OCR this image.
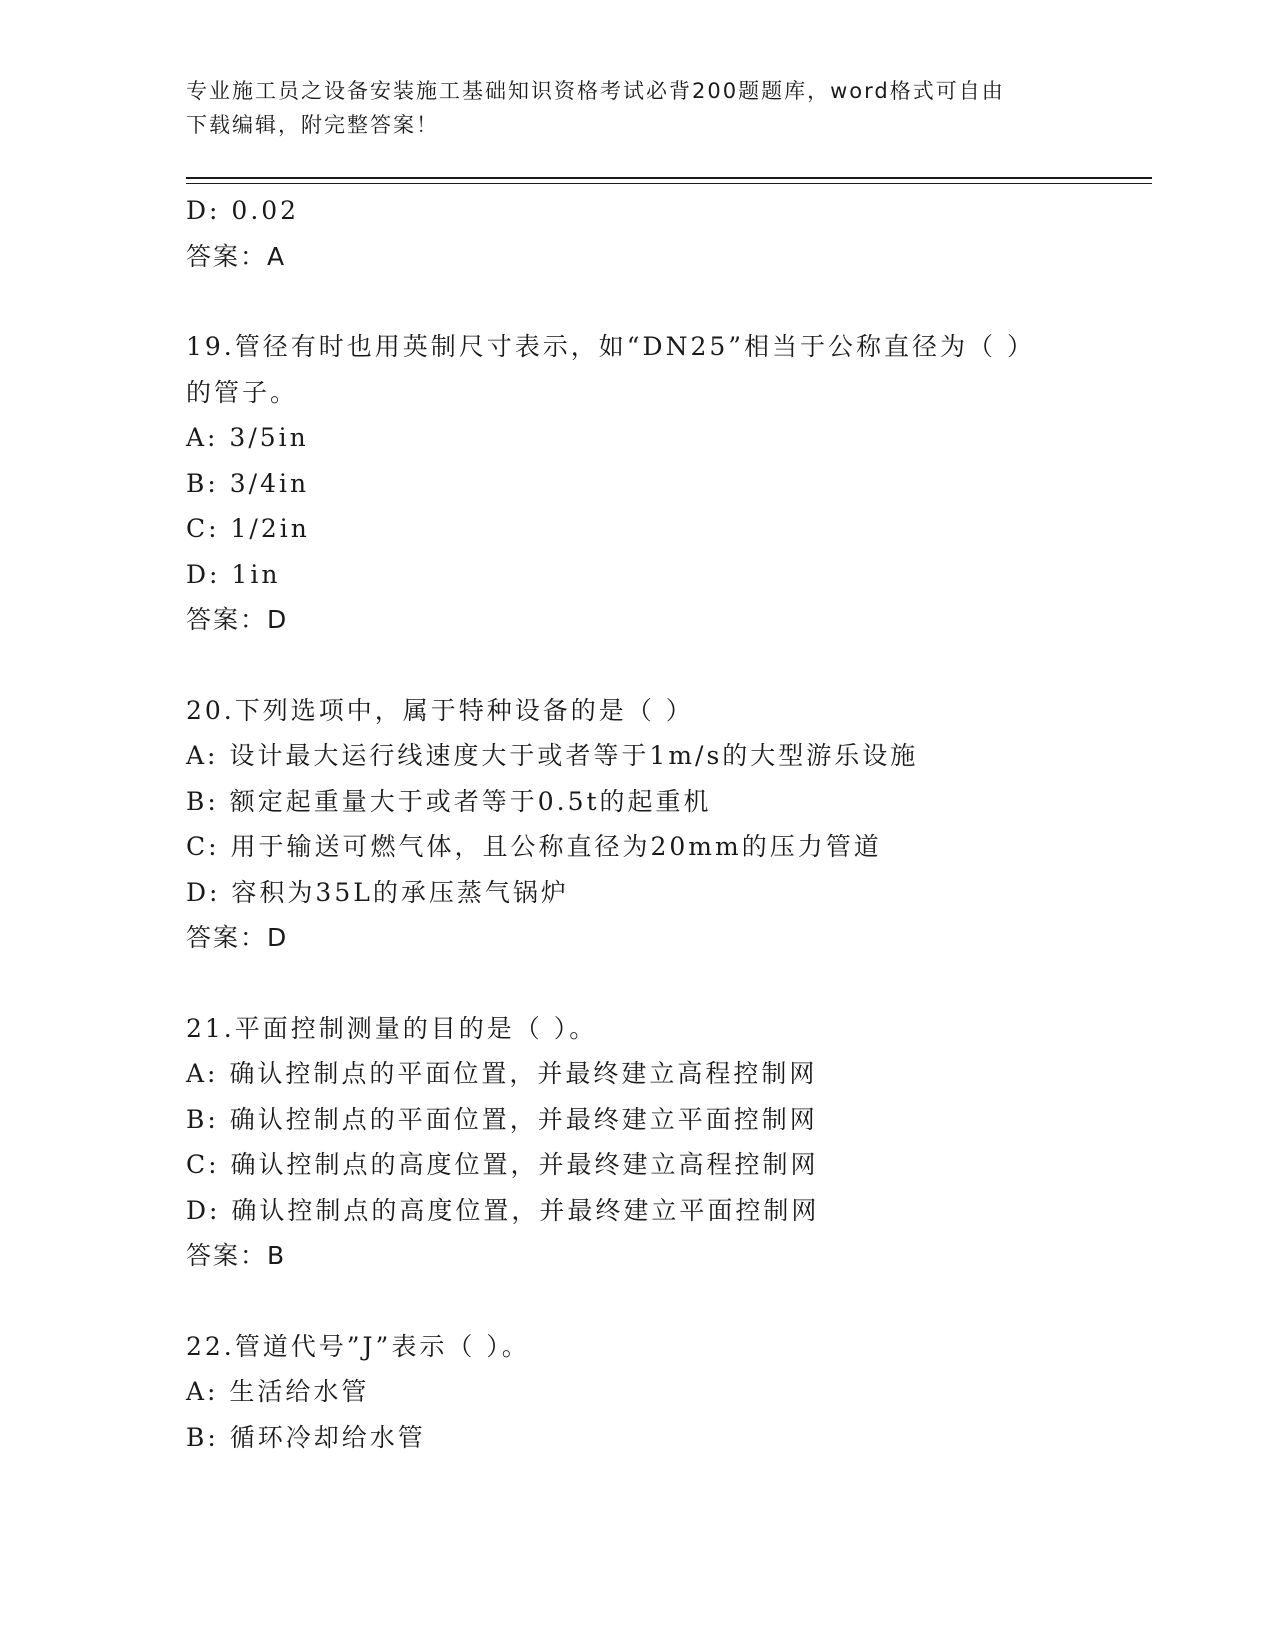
专业施工员之设备安装施工基础知识资格考试必背200题题库，word格式可自由
下载编辑，附完整答案！
D: 0.02
答案：A
19.管径有时也用英制尺寸表示，如“DN25”相当于公称直径为（ ）
的管子。
A: 3/5in
B: 3/4in
C: 1/2in
D: 1in
答案：D
20.下列选项中，属于特种设备的是（ ）
A: 设计最大运行线速度大于或者等于1m/s的大型游乐设施
B: 额定起重量大于或者等于0.5t的起重机
C: 用于输送可燃气体，且公称直径为20mm的压力管道
D: 容积为35L的承压蒸气锅炉
答案：D
21.平面控制测量的目的是（ ）。
A: 确认控制点的平面位置，并最终建立高程控制网
B: 确认控制点的平面位置，并最终建立平面控制网
C: 确认控制点的高度位置，并最终建立高程控制网
D: 确认控制点的高度位置，并最终建立平面控制网
答案：B
22.管道代号”J”表示（ ）。
A: 生活给水管
B: 循环冷却给水管
